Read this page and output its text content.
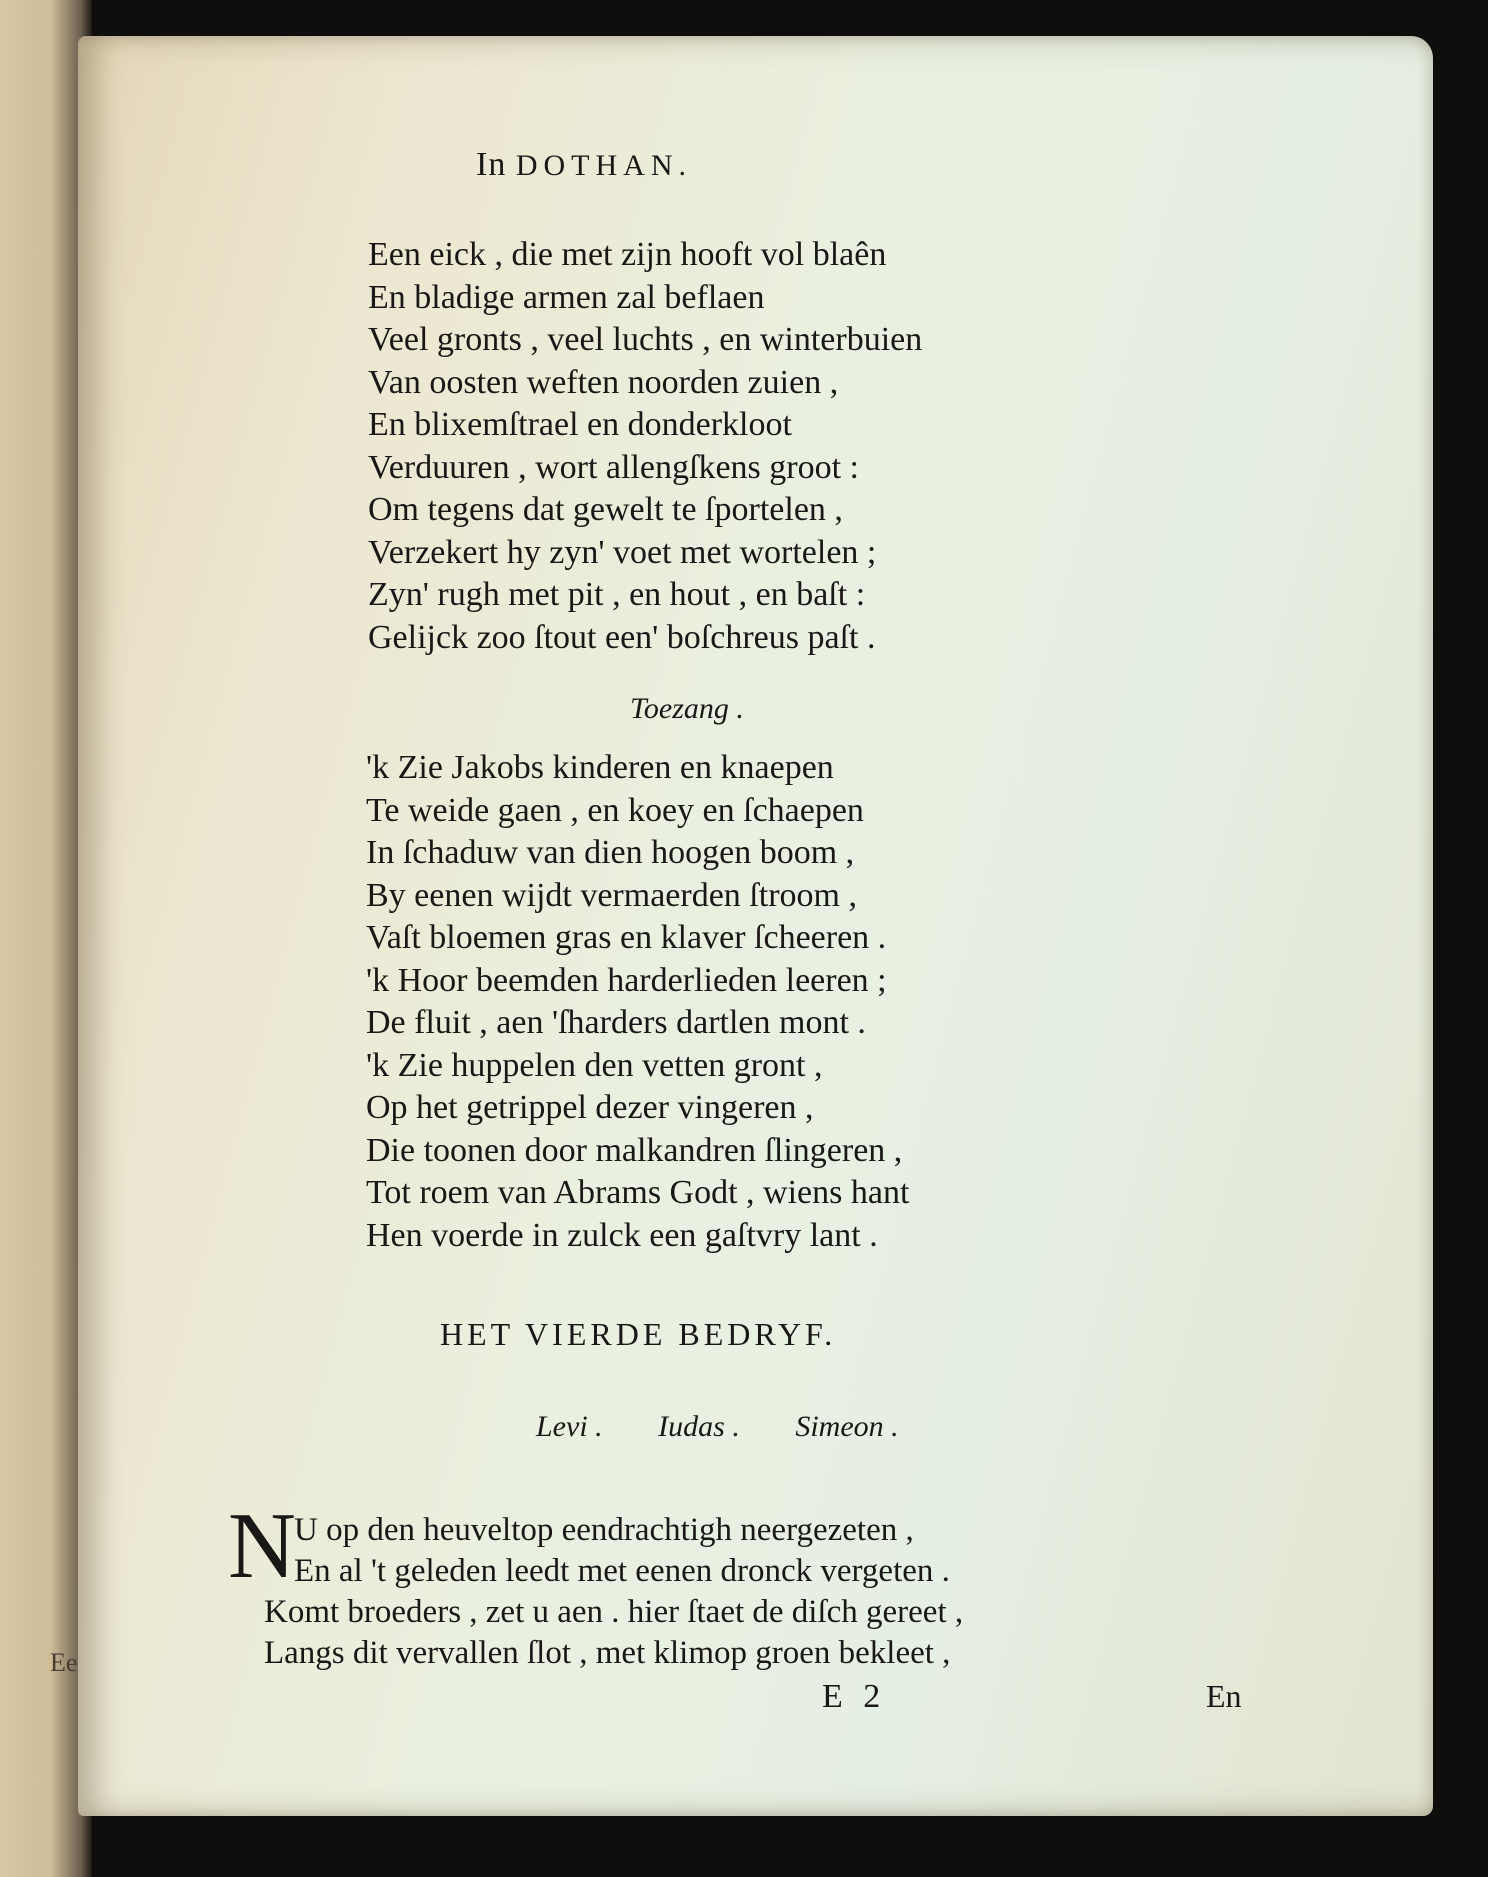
Ee
In DOTHAN.
Een eick , die met zijn hooft vol blaên
En bladige armen zal beflaen
Veel gronts , veel luchts , en winterbuien
Van oosten weften noorden zuien ,
En blixemſtrael en donderkloot
Verduuren , wort allengſkens groot :
Om tegens dat gewelt te ſportelen ,
Verzekert hy zyn' voet met wortelen ;
Zyn' rugh met pit , en hout , en baſt :
Gelijck zoo ſtout een' boſchreus paſt .
Toezang .
'k Zie Jakobs kinderen en knaepen
Te weide gaen , en koey en ſchaepen
In ſchaduw van dien hoogen boom ,
By eenen wijdt vermaerden ſtroom ,
Vaſt bloemen gras en klaver ſcheeren .
'k Hoor beemden harderlieden leeren ;
De fluit , aen 'ſharders dartlen mont .
'k Zie huppelen den vetten gront ,
Op het getrippel dezer vingeren ,
Die toonen door malkandren ſlingeren ,
Tot roem van Abrams Godt , wiens hant
Hen voerde in zulck een gaſtvry lant .
HET VIERDE BEDRYF.
Levi . Iudas . Simeon .
N
U op den heuveltop eendrachtigh neergezeten ,
En al 't geleden leedt met eenen dronck vergeten .
Komt broeders , zet u aen . hier ſtaet de diſch gereet ,
Langs dit vervallen ſlot , met klimop groen bekleet ,
E 2	En
